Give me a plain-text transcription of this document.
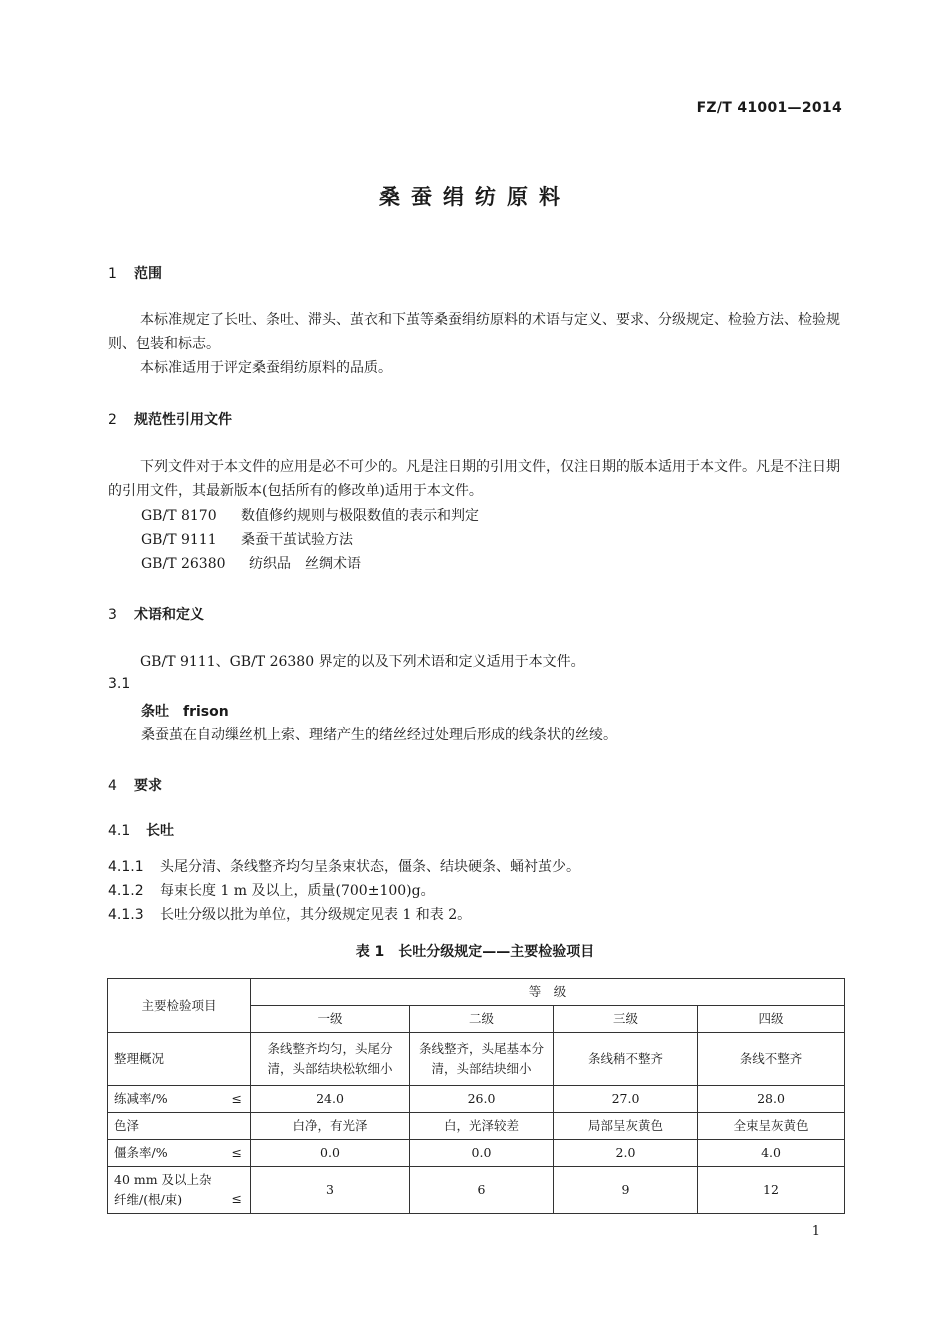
FZ/T 41001—2014
桑蚕绢纺原料
1 范围
本标准规定了长吐、条吐、滞头、茧衣和下茧等桑蚕绢纺原料的术语与定义、要求、分级规定、检验方法、检验规则、包装和标志。
本标准适用于评定桑蚕绢纺原料的品质。
2 规范性引用文件
下列文件对于本文件的应用是必不可少的。凡是注日期的引用文件，仅注日期的版本适用于本文件。凡是不注日期的引用文件，其最新版本(包括所有的修改单)适用于本文件。
GB/T 8170 数值修约规则与极限数值的表示和判定
GB/T 9111 桑蚕干茧试验方法
GB/T 26380 纺织品　丝绸术语
3 术语和定义
GB/T 9111、GB/T 26380 界定的以及下列术语和定义适用于本文件。
3.1
条吐　frison
桑蚕茧在自动缫丝机上索、理绪产生的绪丝经过处理后形成的线条状的丝绫。
4 要求
4.1 长吐
4.1.1 头尾分清、条线整齐均匀呈条束状态，僵条、结块硬条、蛹衬茧少。
4.1.2 每束长度 1 m 及以上，质量(700±100)g。
4.1.3 长吐分级以批为单位，其分级规定见表 1 和表 2。
表 1　长吐分级规定——主要检验项目
主要检验项目	等　级			
	一级	二级	三级	四级
整理概况	条线整齐均匀，头尾分清，头部结块松软细小	条线整齐，头尾基本分清，头部结块细小	条线稍不整齐	条线不整齐
练减率/% ≤	24.0	26.0	27.0	28.0
色泽	白净，有光泽	白，光泽较差	局部呈灰黄色	全束呈灰黄色
僵条率/% ≤	0.0	0.0	2.0	4.0
40 mm 及以上杂纤维/(根/束) ≤	3	6	9	12
1
